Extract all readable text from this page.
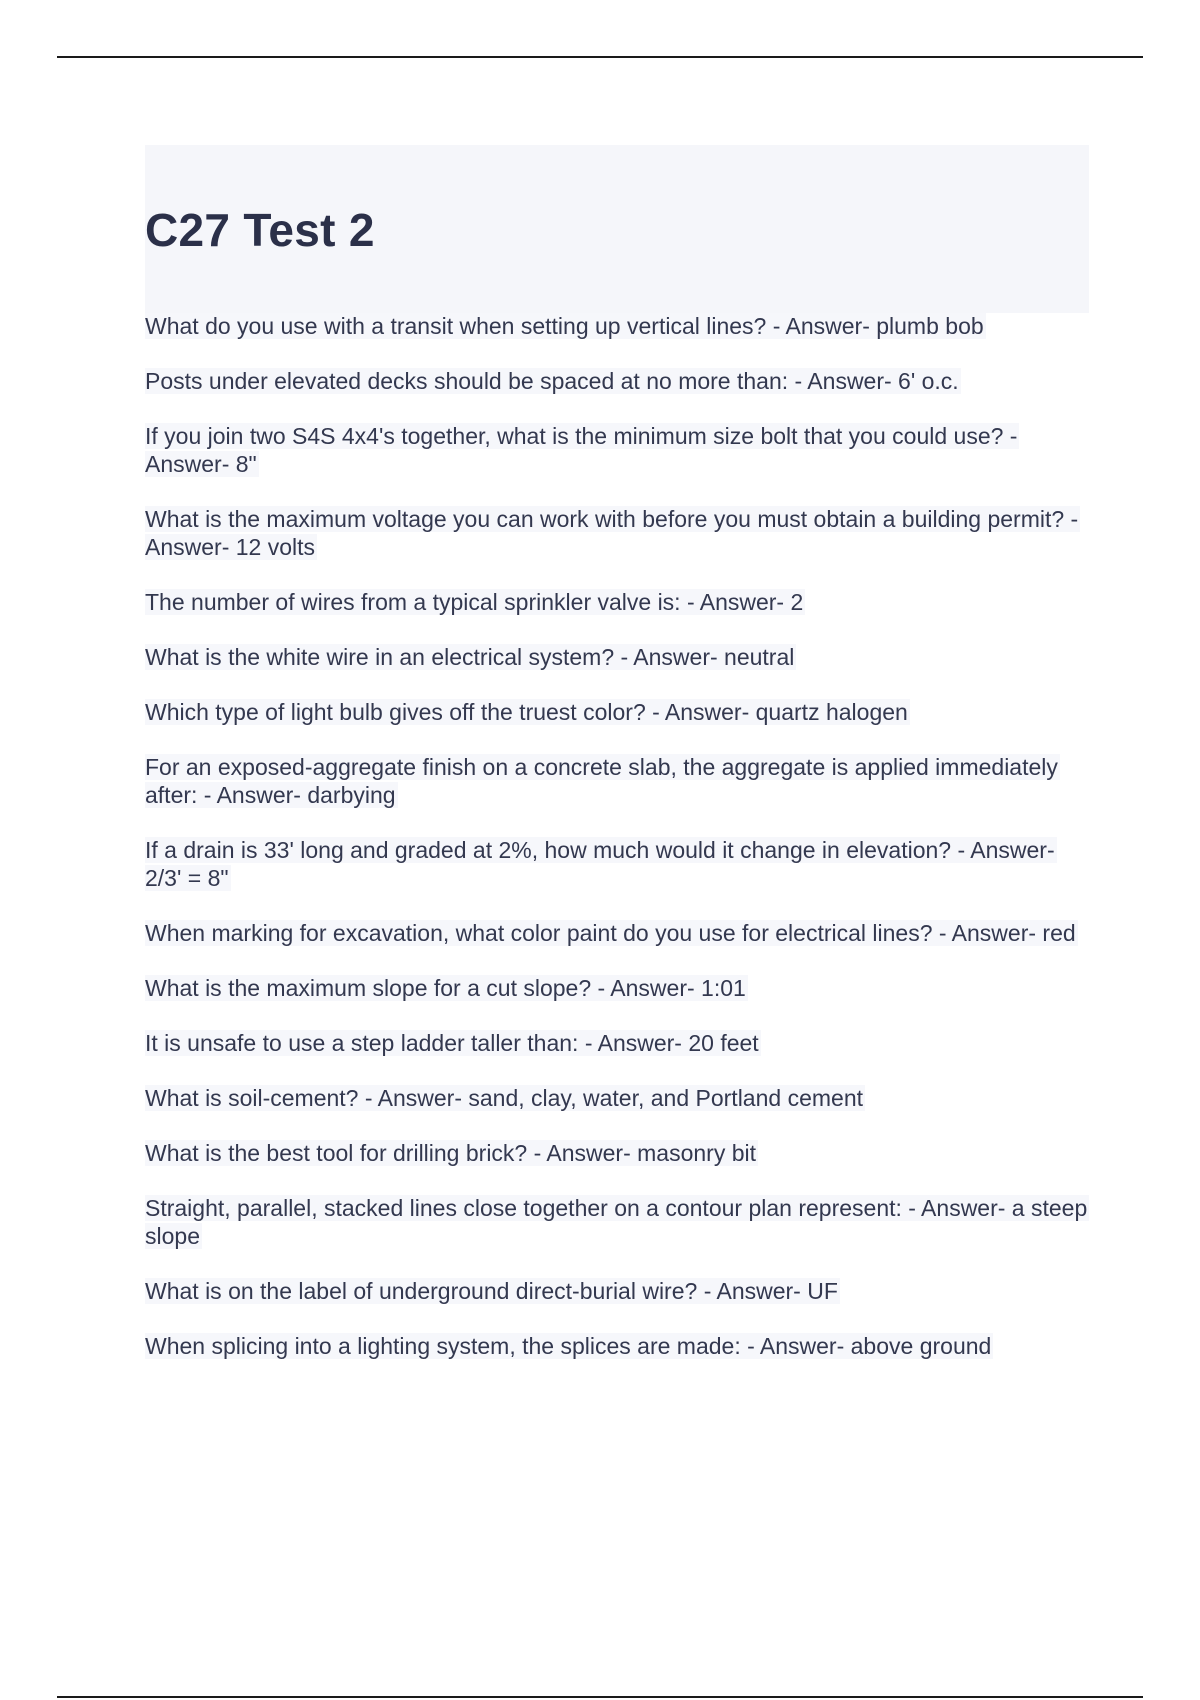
C27 Test 2
What do you use with a transit when setting up vertical lines? - Answer- plumb bob
Posts under elevated decks should be spaced at no more than: - Answer- 6' o.c.
If you join two S4S 4x4's together, what is the minimum size bolt that you could use? - Answer- 8"
What is the maximum voltage you can work with before you must obtain a building permit? - Answer- 12 volts
The number of wires from a typical sprinkler valve is: - Answer- 2
What is the white wire in an electrical system? - Answer- neutral
Which type of light bulb gives off the truest color? - Answer- quartz halogen
For an exposed-aggregate finish on a concrete slab, the aggregate is applied immediately after: - Answer- darbying
If a drain is 33' long and graded at 2%, how much would it change in elevation? - Answer- 2/3' = 8"
When marking for excavation, what color paint do you use for electrical lines? - Answer- red
What is the maximum slope for a cut slope? - Answer- 1:01
It is unsafe to use a step ladder taller than: - Answer- 20 feet
What is soil-cement? - Answer- sand, clay, water, and Portland cement
What is the best tool for drilling brick? - Answer- masonry bit
Straight, parallel, stacked lines close together on a contour plan represent: - Answer- a steep slope
What is on the label of underground direct-burial wire? - Answer- UF
When splicing into a lighting system, the splices are made: - Answer- above ground
